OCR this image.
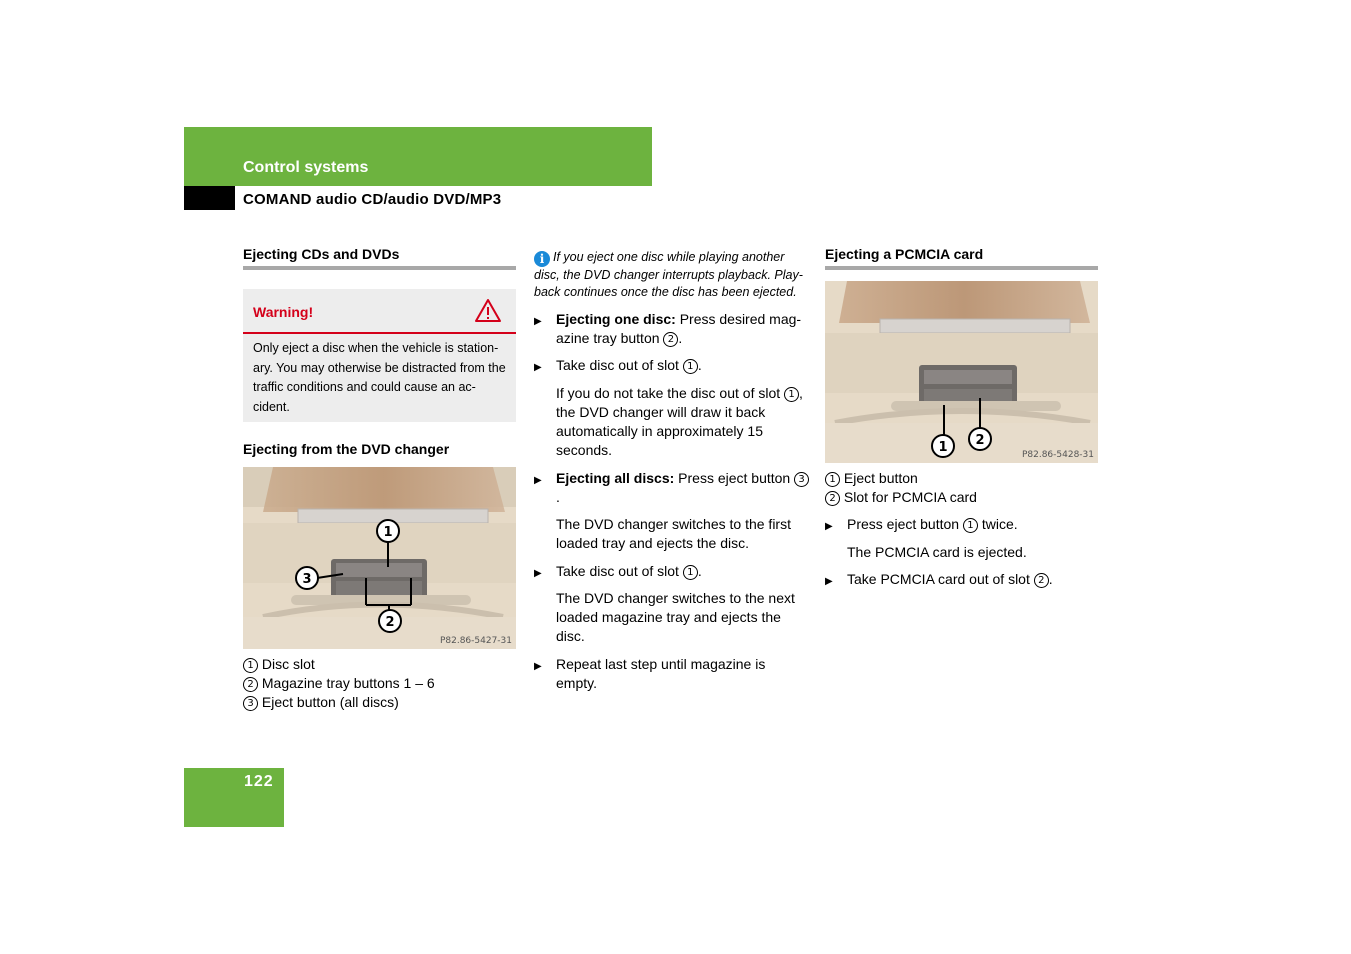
Control systems
COMAND audio CD/audio DVD/MP3
Ejecting CDs and DVDs
Warning!
Only eject a disc when the vehicle is station-ary. You may otherwise be distracted from the traffic conditions and could cause an ac-cident.
Ejecting from the DVD changer
1
2
3
P82.86-5427-31
1 Disc slot
2 Magazine tray buttons 1 – 6
3 Eject button (all discs)
i If you eject one disc while playing another disc, the DVD changer interrupts playback. Play-back continues once the disc has been ejected.
▶ Ejecting one disc: Press desired mag-azine tray button 2 .
▶ Take disc out of slot 1 .
If you do not take the disc out of slot 1 , the DVD changer will draw it back automatically in approximately 15 seconds.
▶ Ejecting all discs: Press eject button 3.
The DVD changer switches to the first loaded tray and ejects the disc.
▶ Take disc out of slot 1 .
The DVD changer switches to the next loaded magazine tray and ejects the disc.
▶ Repeat last step until magazine is empty.
Ejecting a PCMCIA card
1 2
P82.86-5428-31
1 Eject button
2 Slot for PCMCIA card
▶ Press eject button 1 twice.
The PCMCIA card is ejected.
▶ Take PCMCIA card out of slot 2 .
122
